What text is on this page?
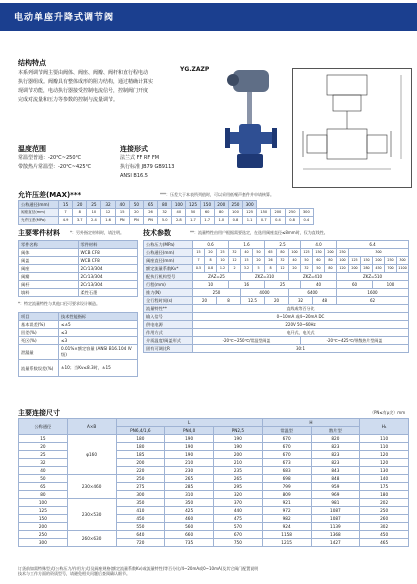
电动单座升降式调节阀
结构特点
本系列调节阀主要由阀体、阀座、阀瓣、阀杆和直行程电动
执行器组成。阀瓣具有整体成形的阻力结构，通过精确计算实
现调节功能，电动执行器接受控制电流信号，控制阀门开度
完成对流量和压力等参数的控制与流量调节。
YG.ZAZP
温度范围
常温型普通：-20℃~250℃
带散热片常温型：-20℃~425℃
连接形式
法兰式 FF RF FM
执行标准 JB79 GB9113
ANSI B16.5
允许压差(MAX)***	***：压差大于本表所列值时，可以采用低噪声套件并申请核算。
公称通径(mm)	15	20	25	32	40	50	65	80	100	125	150	200	250	300				
阀座直径(mm)	7	8	10	12	15	20	26	32	40	50	60	80	100	125	150	200	250	300
允许压差(MPa)	4.9	3.7	2.4	1.6	PN	PN	PN	5.0	2.8	1.7	1.7	1.0	0.8	1.1	0.7	0.4	0.8	0.4
主要零件材料	*：另外指定材料时，请注明。
零件名称	零件材料
阀体	WCB CF8
阀盖	WCB CF8
阀座	2Cr13/304
阀瓣	2Cr13/304
阀杆	2Cr13/304
填料	柔性石墨
*：特定流量特性与其他口径可要求设计制造。
项目	技术性能指标
基本误差(%)	≤±5
回差(%)	≤3
死区(%)	≤3
泄漏量	0.01%×额定容量 (ANSI B16.104 IV级)
流量系数误差(%)	±10；当Kv≤8.3时，±15
技术参数	**：流量特性由用户根据需要选定，在选用阀座直径≤8mm时，仅为直线性。
公称压力(MPa)	0.6			1.6			2.5			4.0			6.4					
公称通径(mm)	15	20	25	32	40	50	65	80	100	125	150	200	250	300				
阀座直径(mm)	7	8	10	12	15	20	26	32	40	50	60	80	100	125	150	200	250	300
额定流量系数Kv*	0.5	0.8	1.2	2	3.2	5	8	12	20	32	50	80	120	200	280	450	700	1100
配执行机构型号	ZAZ=25				ZKZ=310				ZKZ=410				ZKZ=510					
行程(mm)	10			16			25			40			60			100		
推力(N)	250				4000				6400				1600					
全行程时间(s)	20		8		12.5		20		32		48		62					
流量特性**	直线或等百分比																	
输入信号	0~10mA 或4~20mA DC																	
供电电源	220V 50~60Hz																	
作用方式	电开式、电关式																	
介质温度/阀盖形式	-20℃~250℃/常温型阀盖									-20℃~425℃/带散热片型阀盖								
固有可调比R	30:1																	
主要连接尺寸	（PN≤有μ尖）mm
公称通径	A×B	L			H		H₁
		PN6,4/1,6	PN4,0	PN2,5	常温型	散片型	
15	φ160	180	190	190	670	820	110
20		180	190	190	670	823	110
25		185	190	200	670	823	120
32		200	210	210	673	823	120
40		220	230	235	683	843	130
50	230×460	250	265	265	698	848	140
65		275	285	295	799	959	175
80		300	310	320	809	969	180
100	230×530	350	350	370	921	981	202
125		410	425	440	972	1087	250
150		450	460	475	982	1087	260
200		550	560	570	924	1139	302
250	260×630	640	660	670	1158	1368	450
300		720	735	750	1215	1427	465
订货前如需特殊型式(公称压力/作用方式)及阀座规格(额定流量系数Kv)或流量特性(等百分比/4~20mA或0~10mA)及其它阀门配置说明
技术与工作方面的资质型号，请避免相关问题后查阅确认细节。
